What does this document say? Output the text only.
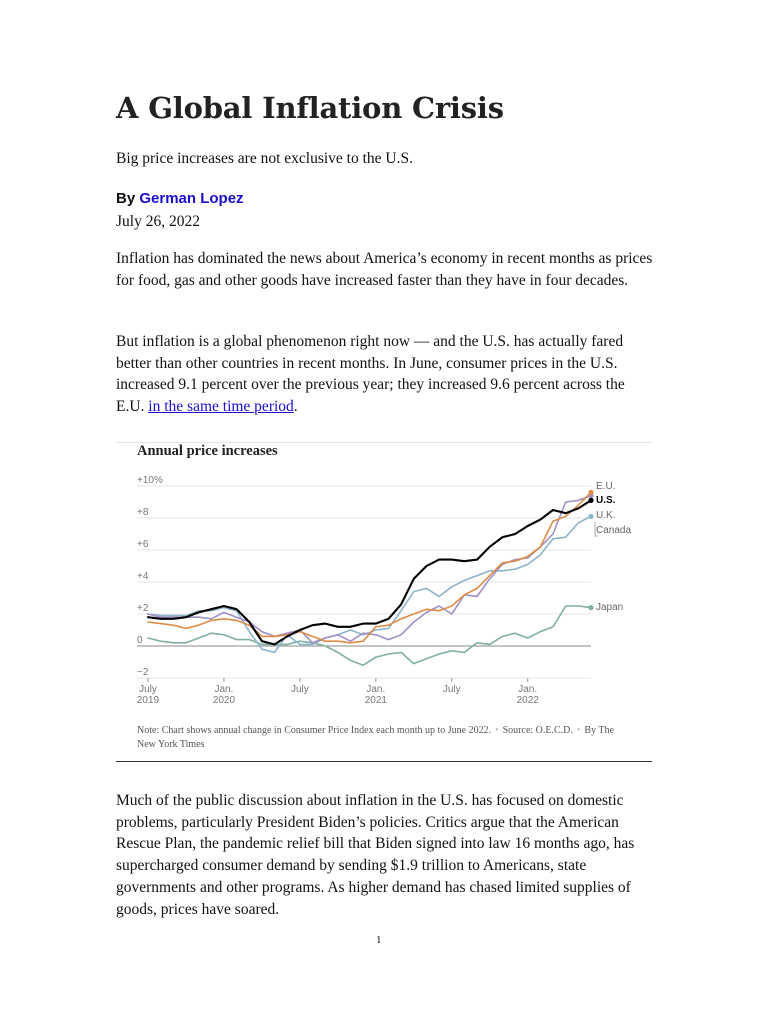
A Global Inflation Crisis

Big price increases are not exclusive to the U.S.

By German Lopez
July 26, 2022

Inflation has dominated the news about America’s economy in recent months as prices for food, gas and other goods have increased faster than they have in four decades.

But inflation is a global phenomenon right now — and the U.S. has actually fared better than other countries in recent months. In June, consumer prices in the U.S. increased 9.1 percent over the previous year; they increased 9.6 percent across the E.U. in the same time period.

+10%
+8
+6
+4
+2
0
−2
July
2019
Jan.
2020
July	Jan.
2021
July	Jan.
2022
Japan
Canada
U.K.
E.U.
U.S.
Annual price increases

Note: Chart shows annual change in Consumer Price Index each month up to June 2022. • Source: O.E.C.D. • By The New York Times

Much of the public discussion about inflation in the U.S. has focused on domestic problems, particularly President Biden’s policies. Critics argue that the American Rescue Plan, the pandemic relief bill that Biden signed into law 16 months ago, has supercharged consumer demand by sending $1.9 trillion to Americans, state governments and other programs. As higher demand has chased limited supplies of goods, prices have soared.

1
